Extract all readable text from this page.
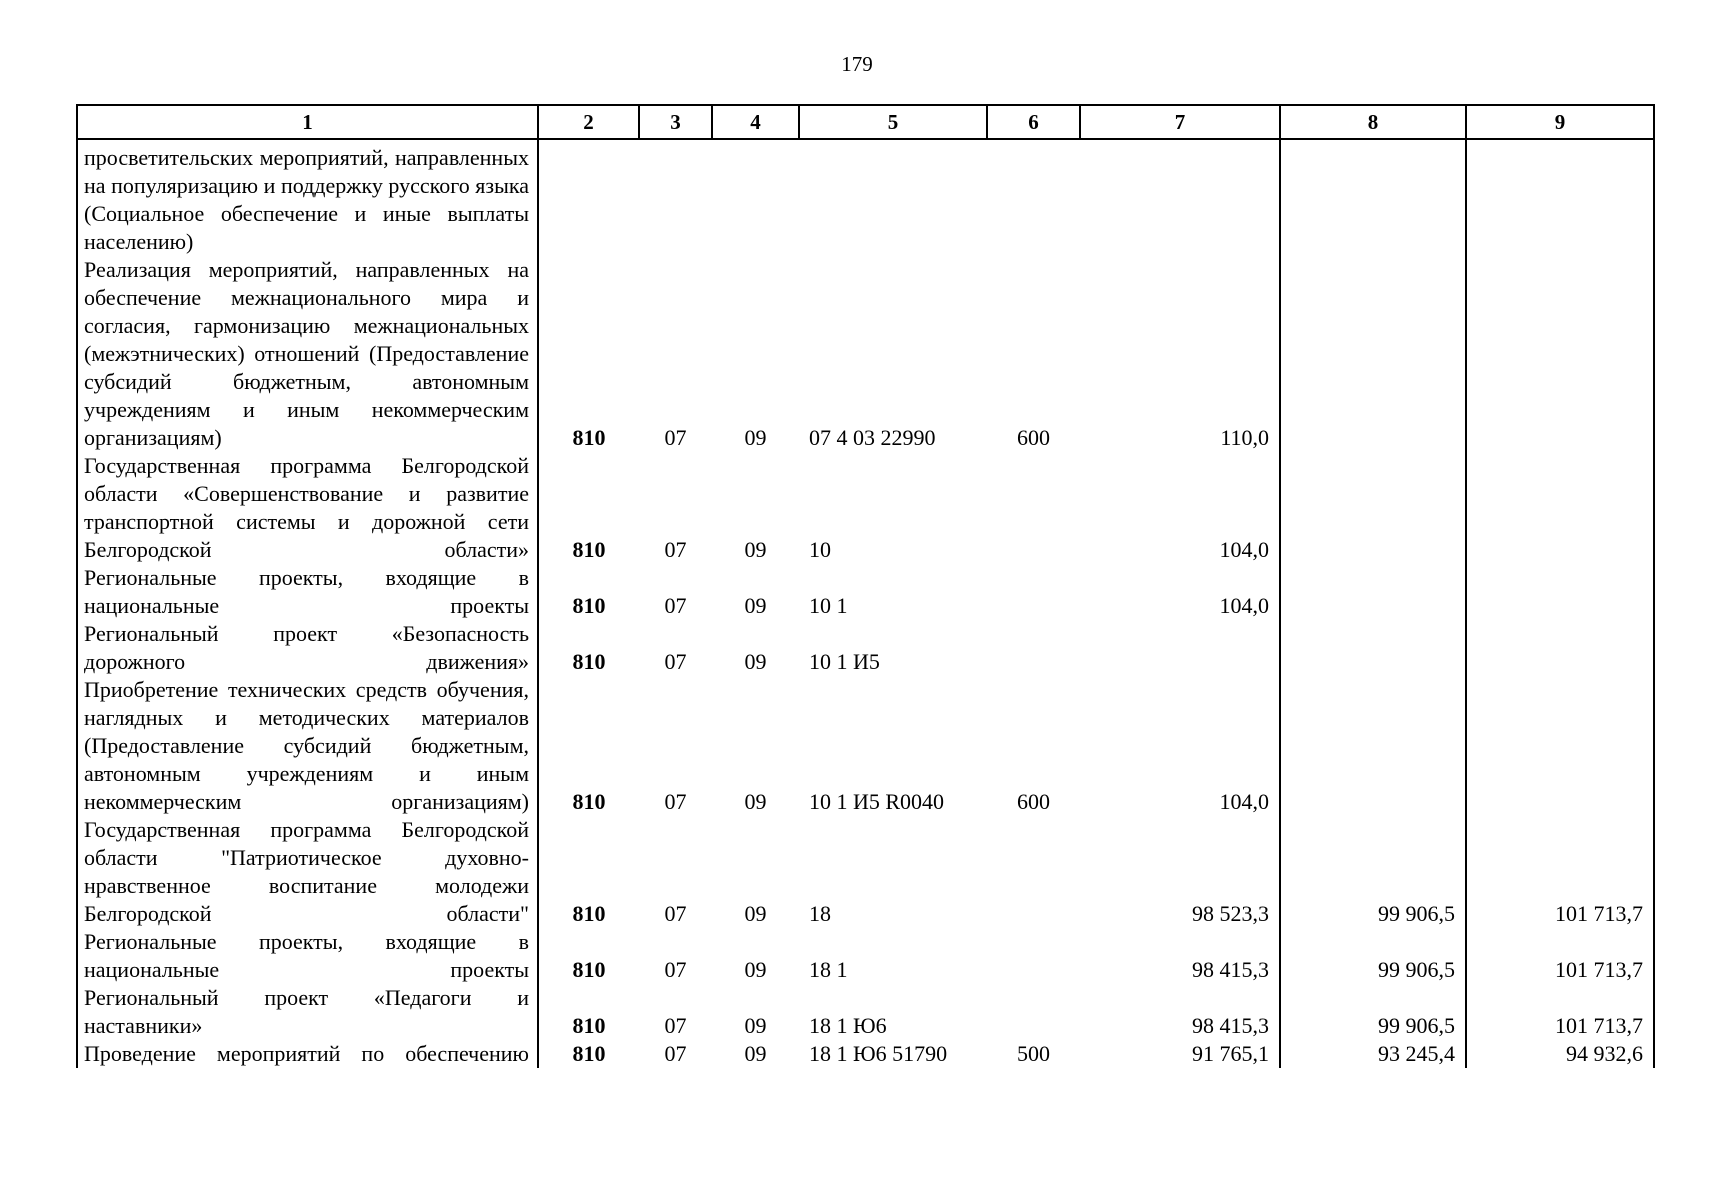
179
1	2	3	4	5	6	7	8	9
просветительских мероприятий, направленных на популяризацию и поддержку русского языка (Социальное обеспечение и иные выплаты населению)								
Реализация мероприятий, направленных на обеспечение межнационального мира и согласия, гармонизацию межнациональных (межэтнических) отношений (Предоставление субсидий бюджетным, автономным учреждениям и иным некоммерческим организациям)	810	07	09	07 4 03 22990	600	110,0		
Государственная программа Белгородской области «Совершенствование и развитие транспортной системы и дорожной сети Белгородской области»	810	07	09	10		104,0		
Региональные проекты, входящие в национальные проекты	810	07	09	10 1		104,0		
Региональный проект «Безопасность дорожного движения»	810	07	09	10 1 И5				
Приобретение технических средств обучения, наглядных и методических материалов (Предоставление субсидий бюджетным, автономным учреждениям и иным некоммерческим организациям)	810	07	09	10 1 И5 R0040	600	104,0		
Государственная программа Белгородской области "Патриотическое духовно-нравственное воспитание молодежи Белгородской области"	810	07	09	18		98 523,3	99 906,5	101 713,7
Региональные проекты, входящие в национальные проекты	810	07	09	18 1		98 415,3	99 906,5	101 713,7
Региональный проект «Педагоги и наставники»	810	07	09	18 1 Ю6		98 415,3	99 906,5	101 713,7
Проведение мероприятий по обеспечению	810	07	09	18 1 Ю6 51790	500	91 765,1	93 245,4	94 932,6
